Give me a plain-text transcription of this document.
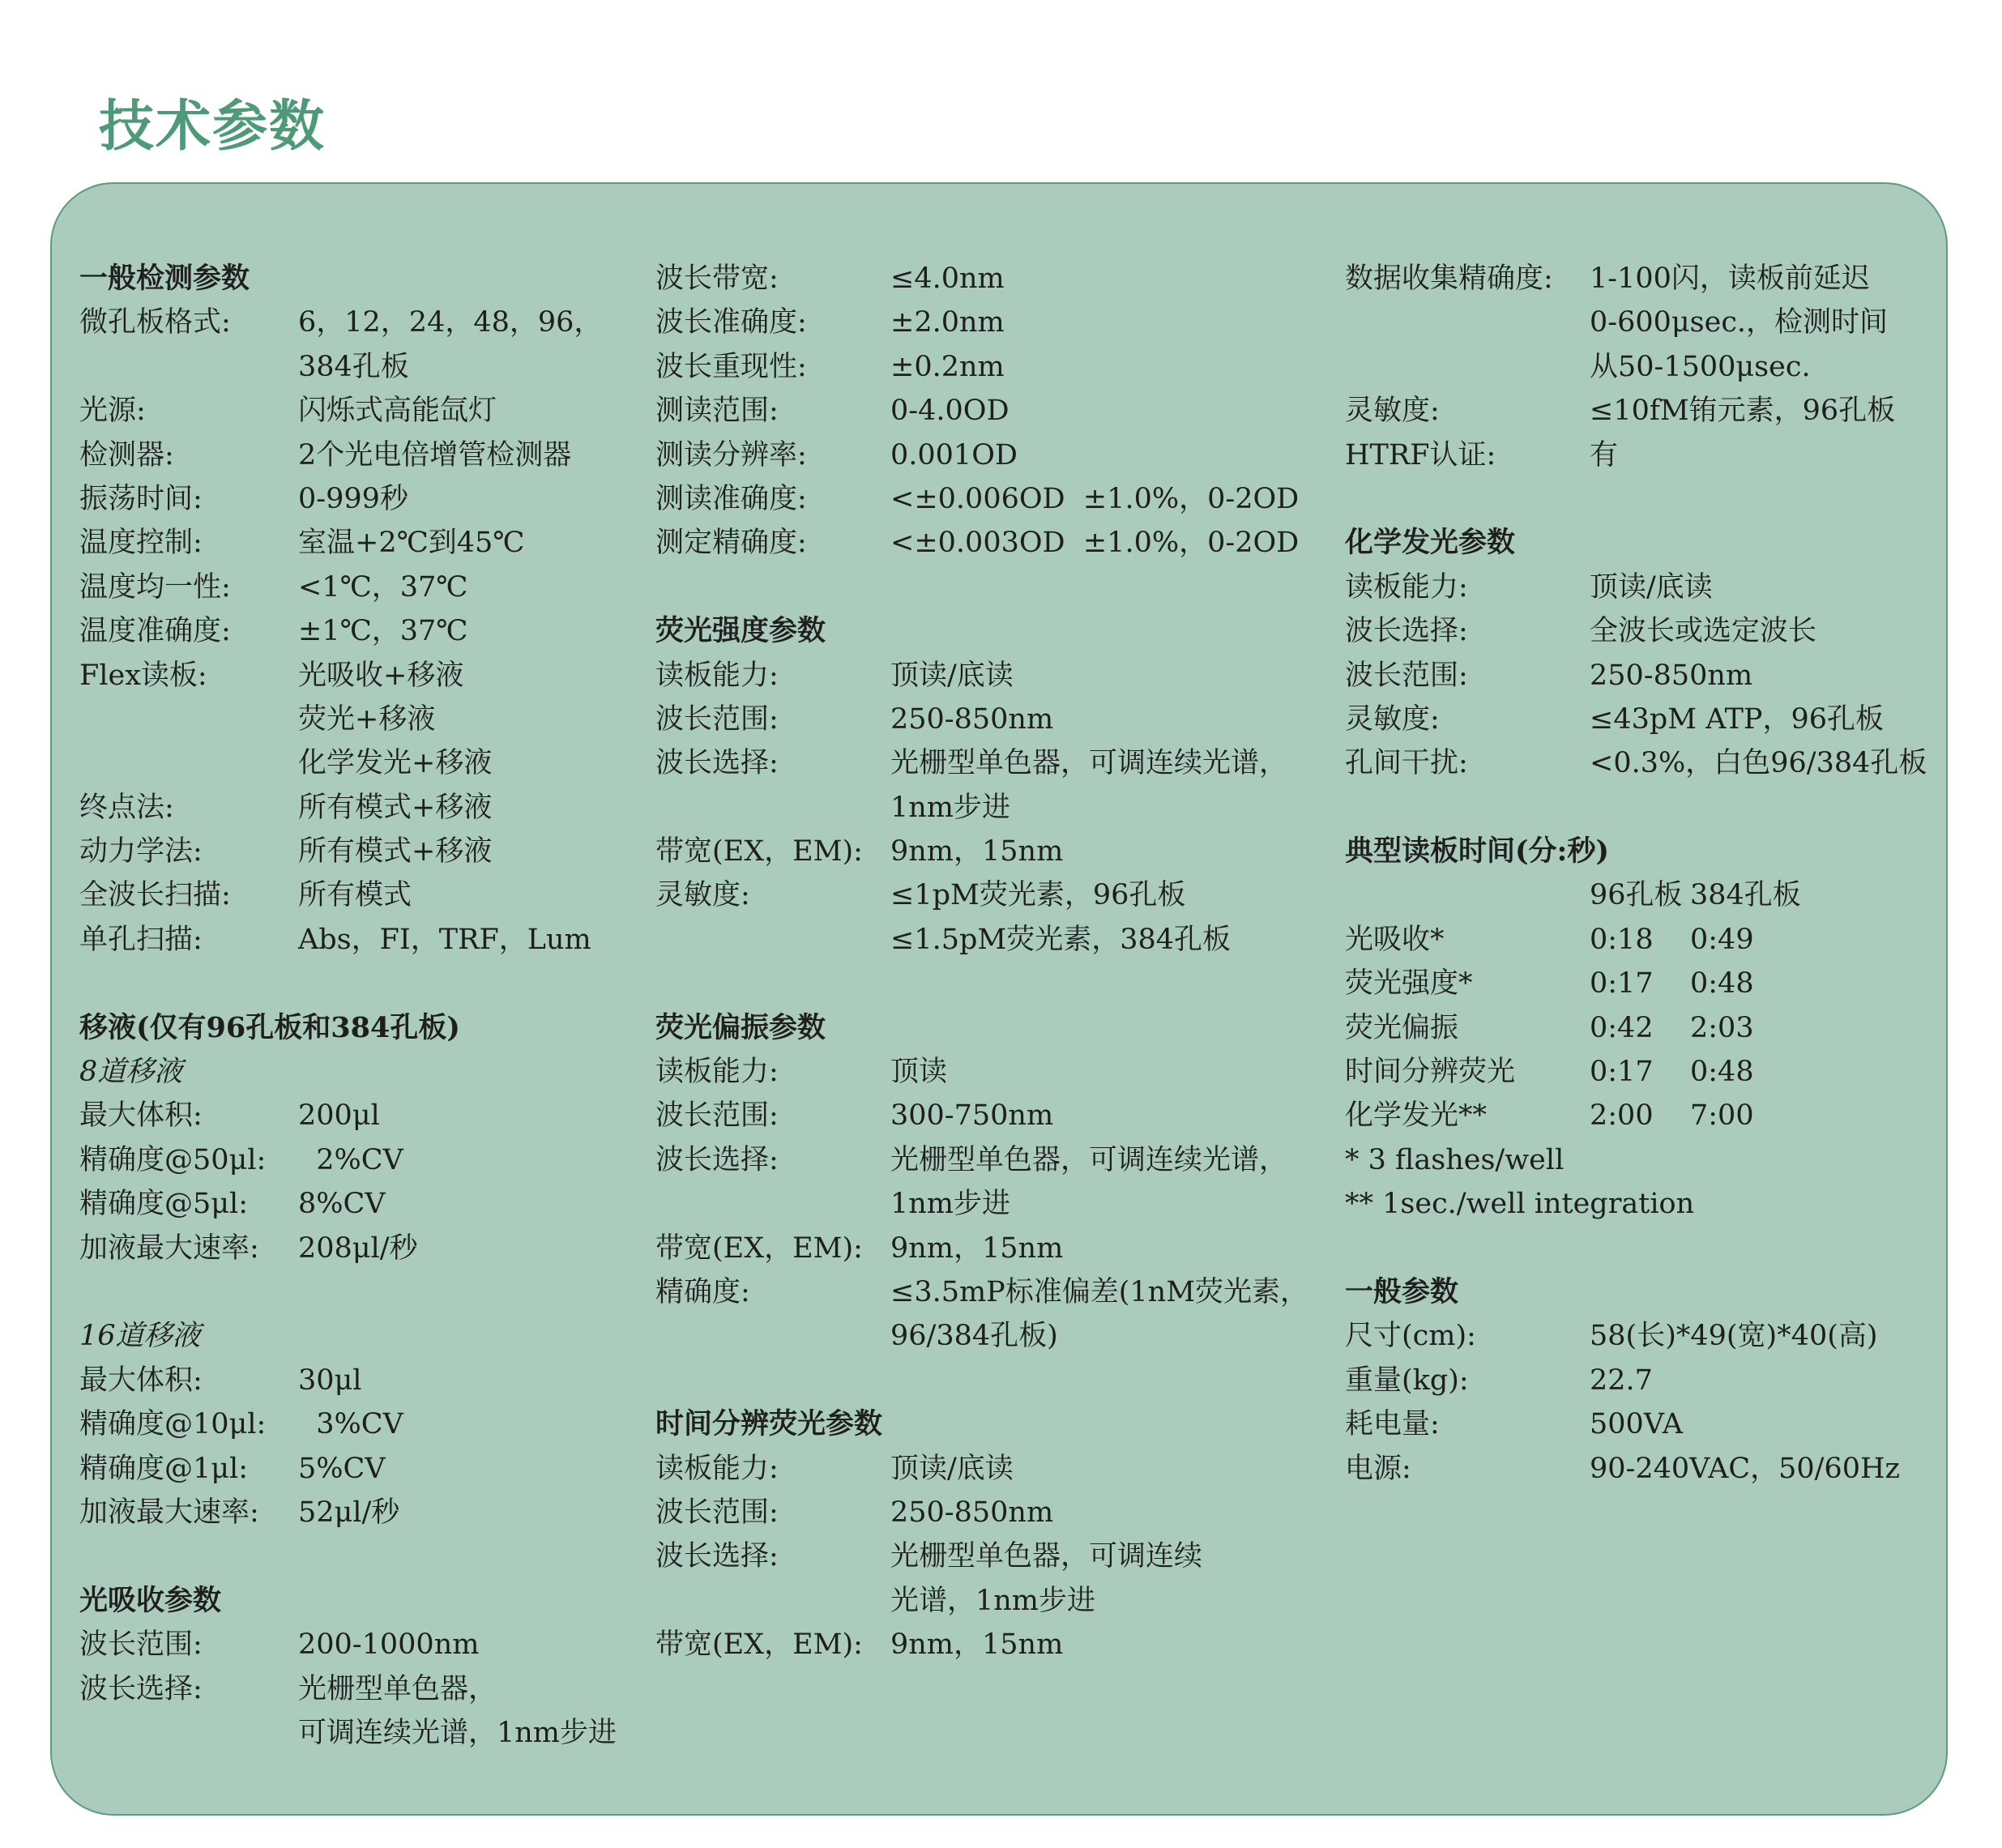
技术参数
一般检测参数
微孔板格式:	6，12，24，48，96，
384孔板
光源:	闪烁式高能氙灯
检测器:	2个光电倍增管检测器
振荡时间:	0-999秒
温度控制:	室温+2℃到45℃
温度均一性:	<1℃，37℃
温度准确度:	±1℃，37℃
Flex读板:	光吸收+移液
荧光+移液
化学发光+移液
终点法:	所有模式+移液
动力学法:	所有模式+移液
全波长扫描:	所有模式
单孔扫描:	Abs，FI，TRF，Lum
移液(仅有96孔板和384孔板)
8道移液
最大体积:	200μl
精确度@50μl:	2%CV
精确度@5μl:	8%CV
加液最大速率:	208μl/秒
16道移液
最大体积:	30μl
精确度@10μl:	3%CV
精确度@1μl:	5%CV
加液最大速率:	52μl/秒
光吸收参数
波长范围:	200-1000nm
波长选择:	光栅型单色器，
可调连续光谱，1nm步进
波长带宽:	≤4.0nm
波长准确度:	±2.0nm
波长重现性:	±0.2nm
测读范围:	0-4.0OD
测读分辨率:	0.001OD
测读准确度:	<±0.006OD  ±1.0%，0-2OD
测定精确度:	<±0.003OD  ±1.0%，0-2OD
荧光强度参数
读板能力:	顶读/底读
波长范围:	250-850nm
波长选择:	光栅型单色器，可调连续光谱，
1nm步进
带宽(EX，EM): 9nm，15nm
灵敏度:	≤1pM荧光素，96孔板
≤1.5pM荧光素，384孔板
荧光偏振参数
读板能力:	顶读
波长范围:	300-750nm
波长选择:	光栅型单色器，可调连续光谱，
1nm步进
带宽(EX，EM): 9nm，15nm
精确度:	≤3.5mP标准偏差(1nM荧光素，
96/384孔板)
时间分辨荧光参数
读板能力:	顶读/底读
波长范围:	250-850nm
波长选择:	光栅型单色器，可调连续
光谱，1nm步进
带宽(EX，EM): 9nm，15nm
数据收集精确度:	1-100闪，读板前延迟
0-600μsec.，检测时间
从50-1500μsec.
灵敏度:	≤10fM铕元素，96孔板
HTRF认证:	有
化学发光参数
读板能力:	顶读/底读
波长选择:	全波长或选定波长
波长范围:	250-850nm
灵敏度:	≤43pM ATP，96孔板
孔间干扰:	<0.3%，白色96/384孔板
典型读板时间(分:秒)
96孔板 384孔板
光吸收*	0:18 0:49
荧光强度*	0:17 0:48
荧光偏振	0:42 2:03
时间分辨荧光	0:17 0:48
化学发光**	2:00 7:00
* 3 flashes/well
** 1sec./well integration
一般参数
尺寸(cm):	58(长)*49(宽)*40(高)
重量(kg):	22.7
耗电量:	500VA
电源:	90-240VAC，50/60Hz
